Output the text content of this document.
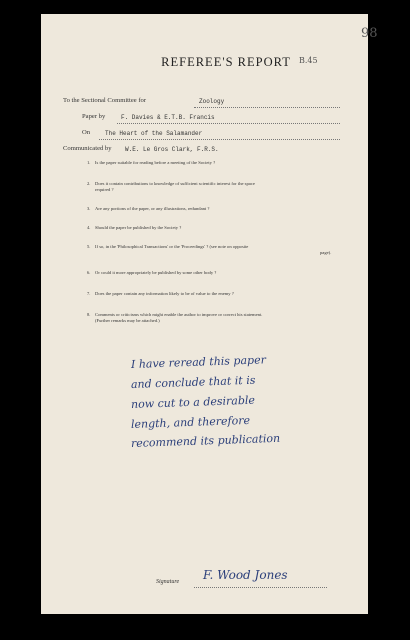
98
B.45
REFEREE'S REPORT
To the Sectional Committee for	Zoology
Paper by	F. Davies & E.T.B. Francis
On The Heart of the Salamander
Communicated by W.E. Le Gros Clark, F.R.S.
1. Is the paper suitable for reading before a meeting of the Society ?
2. Does it contain contributions to knowledge of sufficient scientific interest for the space
required ?
3. Are any portions of the paper, or any illustrations, redundant ?
4. Should the paper be published by the Society ?
5. If so, in the 'Philosophical Transactions' or the 'Proceedings' ? (see note on opposite
page).
6. Or could it more appropriately be published by some other body ?
7. Does the paper contain any information likely to be of value to the enemy ?
8. Comments or criticisms which might enable the author to improve or correct his statement.
(Further remarks may be attached.)
I have reread this paper
and conclude that it is
now cut to a desirable
length, and therefore
recommend its publication
Signature F. Wood Jones
